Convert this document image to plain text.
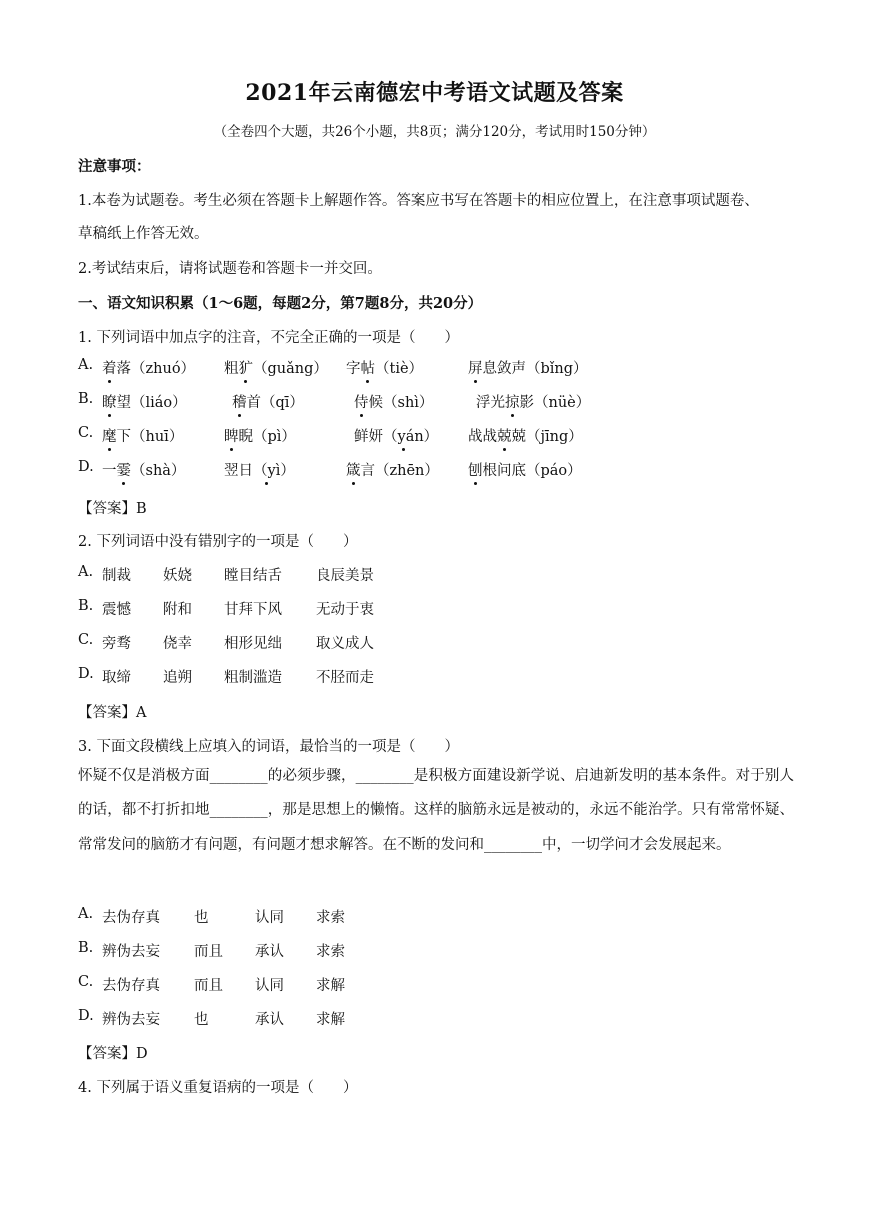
2021年云南德宏中考语文试题及答案
（全卷四个大题，共26个小题，共8页；满分120分，考试用时150分钟）
注意事项：
1.本卷为试题卷。考生必须在答题卡上解题作答。答案应书写在答题卡的相应位置上，在注意事项试题卷、
草稿纸上作答无效。
2.考试结束后，请将试题卷和答题卡一并交回。
一、语文知识积累（1～6题，每题2分，第7题8分，共20分）
1. 下列词语中加点字的注音，不完全正确的一项是（　　）
A. 着落（zhuó） 粗犷（guǎng） 字帖（tiè）	屏息敛声（bǐng）
B. 瞭望（liáo）	稽首（qī）	侍候（shì）	浮光掠影（nüè）
C. 麾下（huī）	睥睨（pì）	鲜妍（yán） 战战兢兢（jīng）
D. 一霎（shà）	翌日（yì）	箴言（zhēn） 刨根问底（páo）
【答案】B
2. 下列词语中没有错别字的一项是（　　）
A. 制裁 妖娆 瞠目结舌 良辰美景
B. 震憾 附和 甘拜下风 无动于衷
C. 旁骛 侥幸 相形见绌 取义成人
D. 取缔 追朔 粗制滥造 不胫而走
【答案】A
3. 下面文段横线上应填入的词语，最恰当的一项是（　　）
怀疑不仅是消极方面________的必须步骤，________是积极方面建设新学说、启迪新发明的基本条件。对于别人的话，都不打折扣地________，那是思想上的懒惰。这样的脑筋永远是被动的，永远不能治学。只有常常怀疑、常常发问的脑筋才有问题，有问题才想求解答。在不断的发问和________中，一切学问才会发展起来。
A. 去伪存真 也	认同 求索
B. 辨伪去妄 而且 承认 求索
C. 去伪存真 而且 认同 求解
D. 辨伪去妄 也	承认 求解
【答案】D
4. 下列属于语义重复语病的一项是（　　）
